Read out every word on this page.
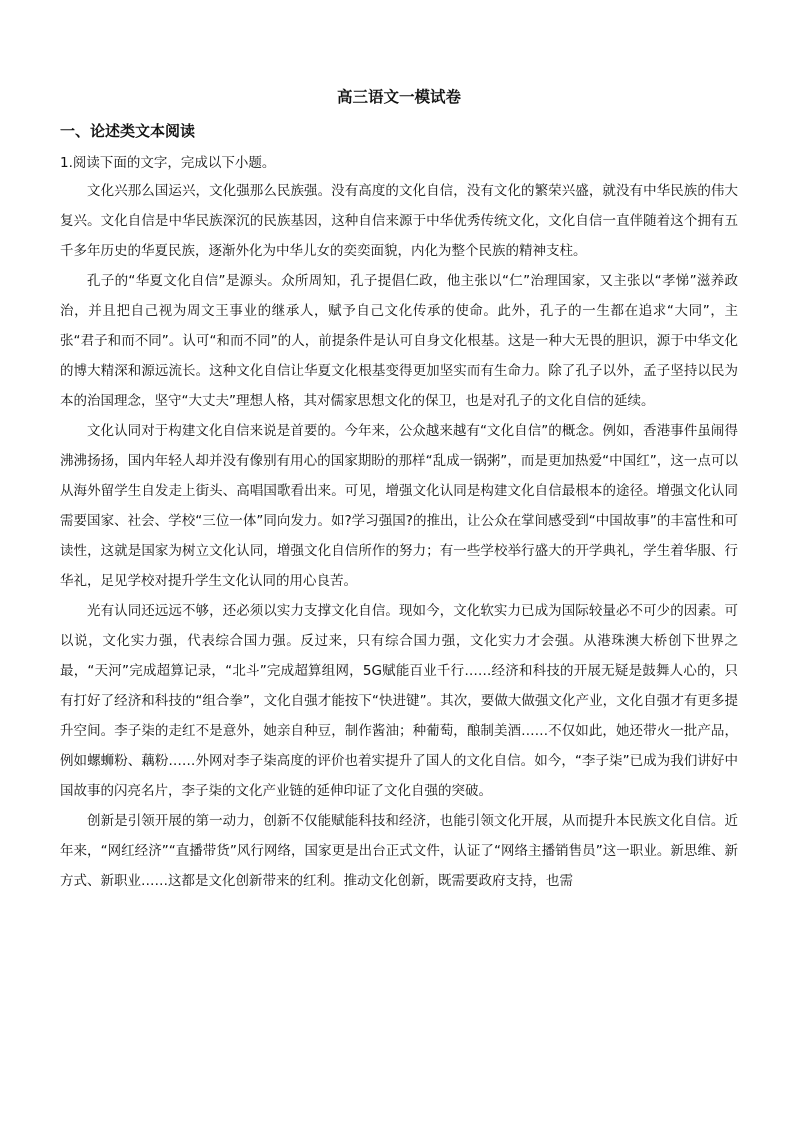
高三语文一模试卷
一、论述类文本阅读

1.阅读下面的文字，完成以下小题。

文化兴那么国运兴，文化强那么民族强。没有高度的文化自信，没有文化的繁荣兴盛，就没有中华民族的伟大复兴。文化自信是中华民族深沉的民族基因，这种自信来源于中华优秀传统文化，文化自信一直伴随着这个拥有五千多年历史的华夏民族，逐渐外化为中华儿女的奕奕面貌，内化为整个民族的精神支柱。

孔子的“华夏文化自信”是源头。众所周知，孔子提倡仁政，他主张以“仁”治理国家，又主张以“孝悌”滋养政治，并且把自己视为周文王事业的继承人，赋予自己文化传承的使命。此外，孔子的一生都在追求“大同”，主张“君子和而不同”。认可“和而不同”的人，前提条件是认可自身文化根基。这是一种大无畏的胆识，源于中华文化的博大精深和源远流长。这种文化自信让华夏文化根基变得更加坚实而有生命力。除了孔子以外，孟子坚持以民为本的治国理念，坚守“大丈夫”理想人格，其对儒家思想文化的保卫，也是对孔子的文化自信的延续。

文化认同对于构建文化自信来说是首要的。今年来，公众越来越有“文化自信”的概念。例如，香港事件虽闹得沸沸扬扬，国内年轻人却并没有像别有用心的国家期盼的那样“乱成一锅粥”，而是更加热爱“中国红”，这一点可以从海外留学生自发走上街头、高唱国歌看出来。可见，增强文化认同是构建文化自信最根本的途径。增强文化认同需要国家、社会、学校“三位一体”同向发力。如?学习强国?的推出，让公众在掌间感受到“中国故事”的丰富性和可读性，这就是国家为树立文化认同，增强文化自信所作的努力；有一些学校举行盛大的开学典礼，学生着华服、行华礼，足见学校对提升学生文化认同的用心良苦。

光有认同还远远不够，还必须以实力支撑文化自信。现如今，文化软实力已成为国际较量必不可少的因素。可以说，文化实力强，代表综合国力强。反过来，只有综合国力强，文化实力才会强。从港珠澳大桥创下世界之最，“天河”完成超算记录，“北斗”完成超算组网，5G赋能百业千行……经济和科技的开展无疑是鼓舞人心的，只有打好了经济和科技的“组合拳”，文化自强才能按下“快进键”。其次，要做大做强文化产业，文化自强才有更多提升空间。李子柒的走红不是意外，她亲自种豆，制作酱油；种葡萄，酿制美酒……不仅如此，她还带火一批产品，例如螺蛳粉、藕粉……外网对李子柒高度的评价也着实提升了国人的文化自信。如今，“李子柒”已成为我们讲好中国故事的闪亮名片，李子柒的文化产业链的延伸印证了文化自强的突破。

创新是引领开展的第一动力，创新不仅能赋能科技和经济，也能引领文化开展，从而提升本民族文化自信。近年来，“网红经济”“直播带货”风行网络，国家更是出台正式文件，认证了“网络主播销售员”这一职业。新思维、新方式、新职业……这都是文化创新带来的红利。推动文化创新，既需要政府支持，也需
